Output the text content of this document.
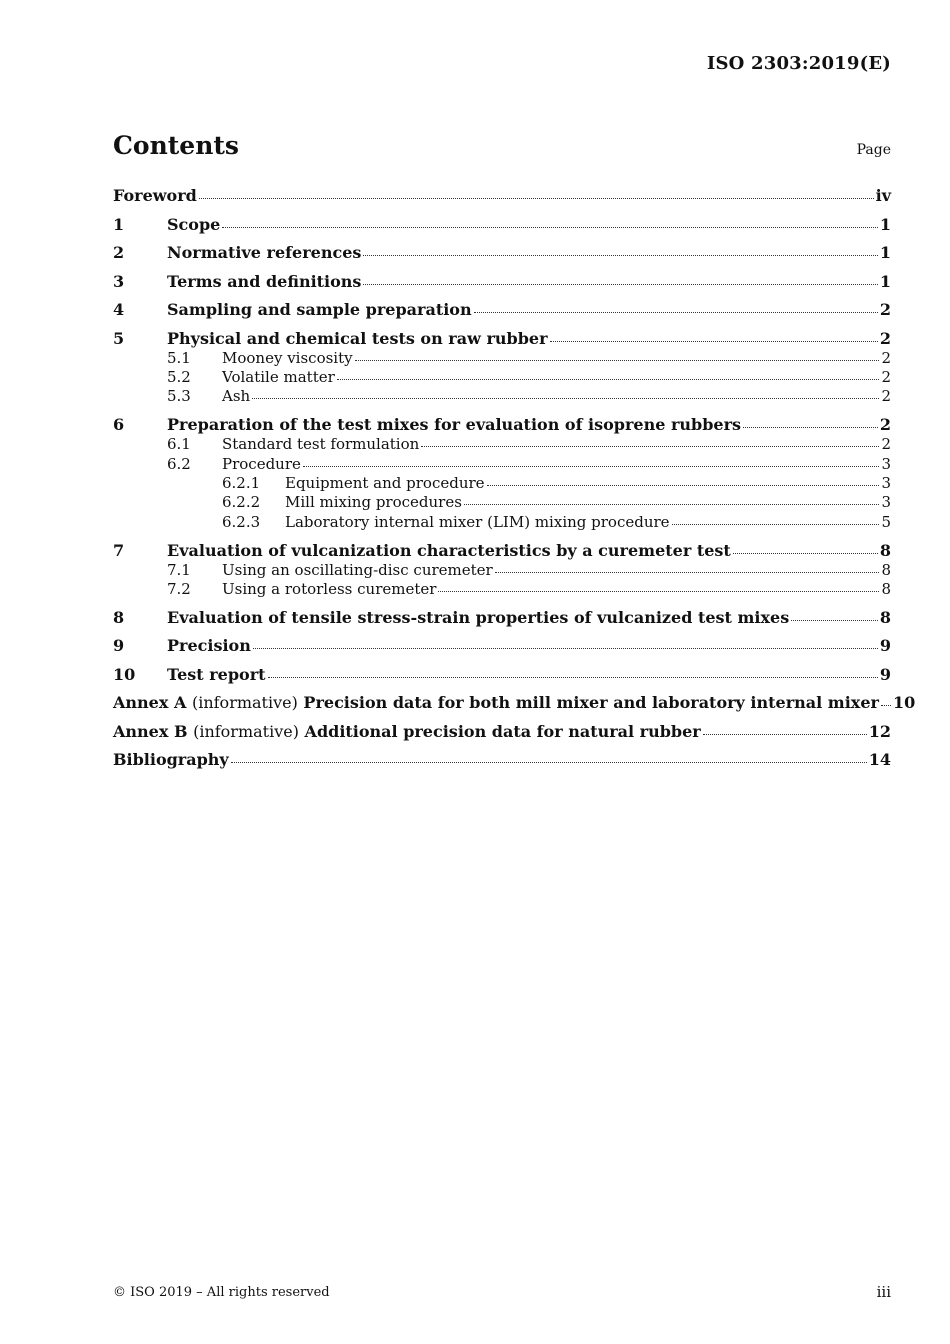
ISO 2303:2019(E)
Contents	Page
Foreword	iv
1	Scope	1
2	Normative references	1
3	Terms and definitions	1
4	Sampling and sample preparation	2
5	Physical and chemical tests on raw rubber	2
5.1	Mooney viscosity	2
5.2	Volatile matter	2
5.3	Ash	2
6	Preparation of the test mixes for evaluation of isoprene rubbers	2
6.1	Standard test formulation	2
6.2	Procedure	3
6.2.1	Equipment and procedure	3
6.2.2	Mill mixing procedures	3
6.2.3	Laboratory internal mixer (LIM) mixing procedure	5
7	Evaluation of vulcanization characteristics by a curemeter test	8
7.1	Using an oscillating-disc curemeter	8
7.2	Using a rotorless curemeter	8
8	Evaluation of tensile stress-strain properties of vulcanized test mixes	8
9	Precision	9
10	Test report	9
Annex A (informative) Precision data for both mill mixer and laboratory internal mixer 10
Annex B (informative) Additional precision data for natural rubber	12
Bibliography	14
© ISO 2019 – All rights reserved	iii
